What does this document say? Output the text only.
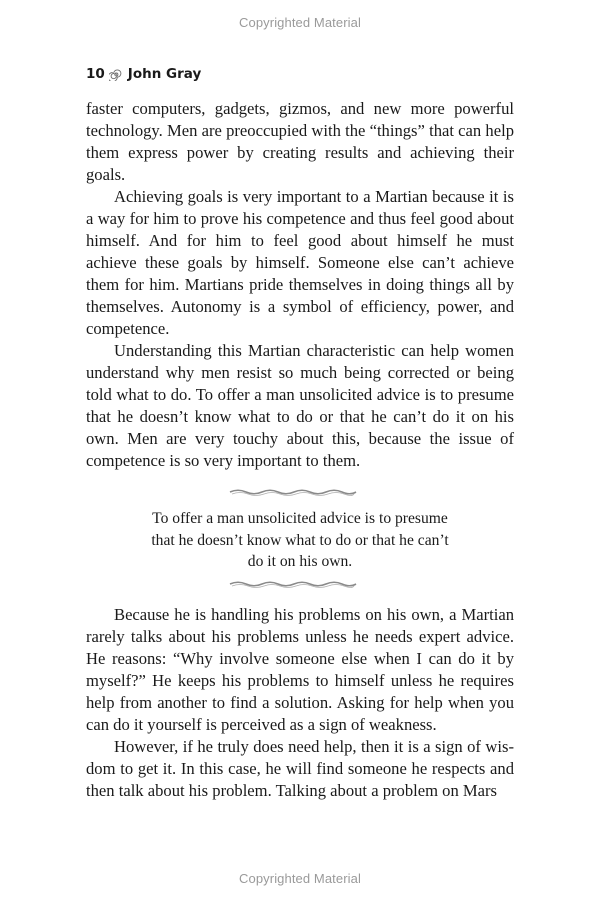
Copyrighted Material
10 John Gray

faster computers, gadgets, gizmos, and new more powerful technology. Men are preoccupied with the “things” that can help them express power by creating results and achieving their goals.

Achieving goals is very important to a Martian because it is a way for him to prove his competence and thus feel good about himself. And for him to feel good about himself he must achieve these goals by himself. Someone else can’t achieve them for him. Martians pride themselves in doing things all by themselves. Autonomy is a symbol of efficiency, power, and competence.

Understanding this Martian characteristic can help women understand why men resist so much being corrected or being told what to do. To offer a man unsolicited advice is to presume that he doesn’t know what to do or that he can’t do it on his own. Men are very touchy about this, because the issue of competence is so very important to them.

To offer a man unsolicited advice is to presume
that he doesn’t know what to do or that he can’t
do it on his own.

Because he is handling his problems on his own, a Martian rarely talks about his problems unless he needs expert advice. He reasons: “Why involve someone else when I can do it by myself?” He keeps his problems to himself unless he requires help from another to find a solution. Asking for help when you can do it yourself is perceived as a sign of weakness.

However, if he truly does need help, then it is a sign of wisdom to get it. In this case, he will find someone he respects and then talk about his problem. Talking about a problem on Mars

Copyrighted Material
